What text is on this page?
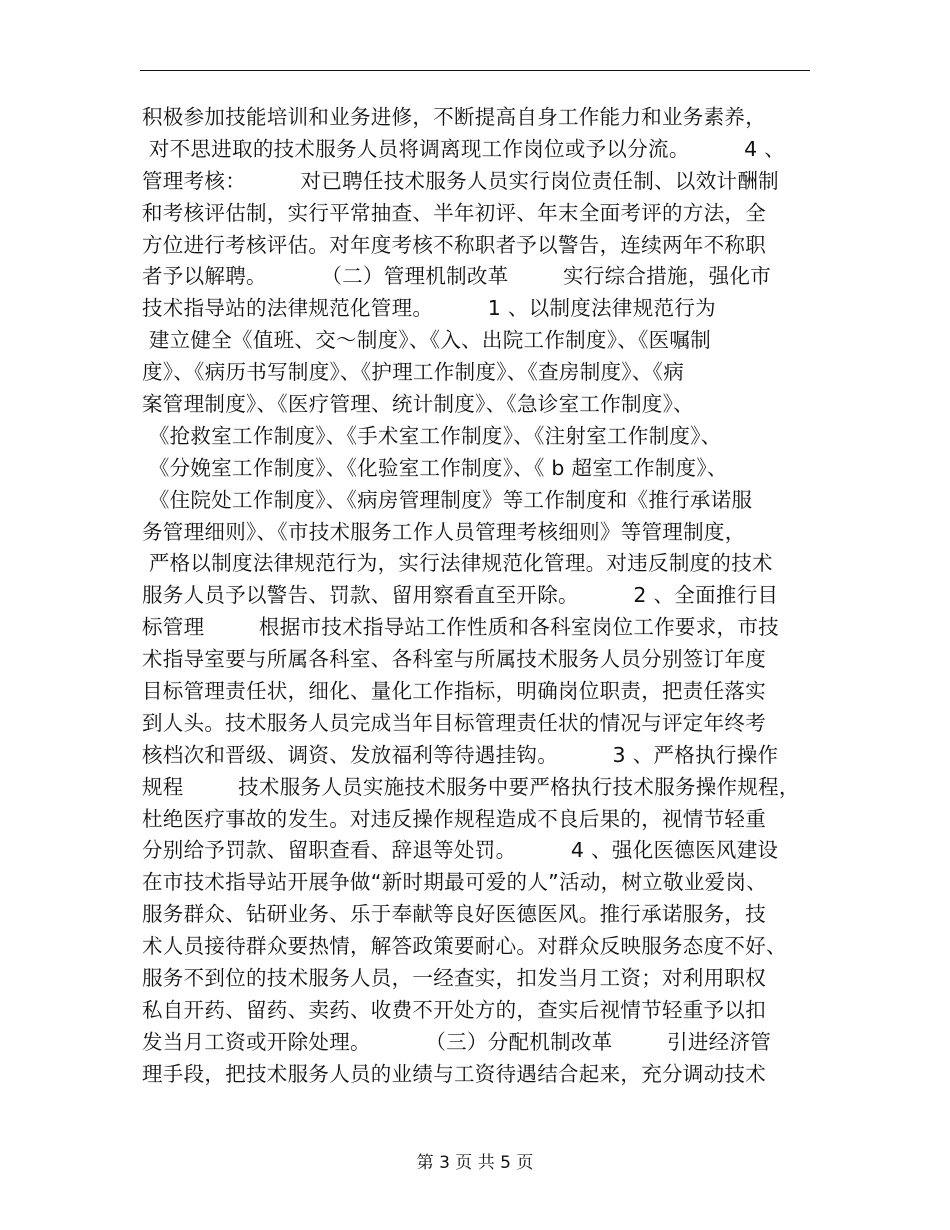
积极参加技能培训和业务进修，不断提高自身工作能力和业务素养，
对不思进取的技术服务人员将调离现工作岗位或予以分流。        4 、
管理考核：        对已聘任技术服务人员实行岗位责任制、以效计酬制
和考核评估制，实行平常抽查、半年初评、年末全面考评的方法，全
方位进行考核评估。对年度考核不称职者予以警告，连续两年不称职
者予以解聘。        （二）管理机制改革        实行综合措施，强化市
技术指导站的法律规范化管理。        1 、以制度法律规范行为
建立健全《值班、交～制度》、《入、出院工作制度》、《医嘱制
度》、《病历书写制度》、《护理工作制度》、《查房制度》、《病
案管理制度》、《医疗管理、统计制度》、《急诊室工作制度》、
《抢救室工作制度》、《手术室工作制度》、《注射室工作制度》、
《分娩室工作制度》、《化验室工作制度》、《 b 超室工作制度》、
《住院处工作制度》、《病房管理制度》等工作制度和《推行承诺服
务管理细则》、《市技术服务工作人员管理考核细则》等管理制度，
严格以制度法律规范行为，实行法律规范化管理。对违反制度的技术
服务人员予以警告、罚款、留用察看直至开除。        2 、全面推行目
标管理        根据市技术指导站工作性质和各科室岗位工作要求，市技
术指导室要与所属各科室、各科室与所属技术服务人员分别签订年度
目标管理责任状，细化、量化工作指标，明确岗位职责，把责任落实
到人头。技术服务人员完成当年目标管理责任状的情况与评定年终考
核档次和晋级、调资、发放福利等待遇挂钩。        3 、严格执行操作
规程        技术服务人员实施技术服务中要严格执行技术服务操作规程，
杜绝医疗事故的发生。对违反操作规程造成不良后果的，视情节轻重
分别给予罚款、留职查看、辞退等处罚。        4 、强化医德医风建设
在市技术指导站开展争做“新时期最可爱的人”活动，树立敬业爱岗、
服务群众、钻研业务、乐于奉献等良好医德医风。推行承诺服务，技
术人员接待群众要热情，解答政策要耐心。对群众反映服务态度不好、
服务不到位的技术服务人员，一经查实，扣发当月工资；对利用职权
私自开药、留药、卖药、收费不开处方的，查实后视情节轻重予以扣
发当月工资或开除处理。        （三）分配机制改革        引进经济管
理手段，把技术服务人员的业绩与工资待遇结合起来，充分调动技术
第 3 页 共 5 页
